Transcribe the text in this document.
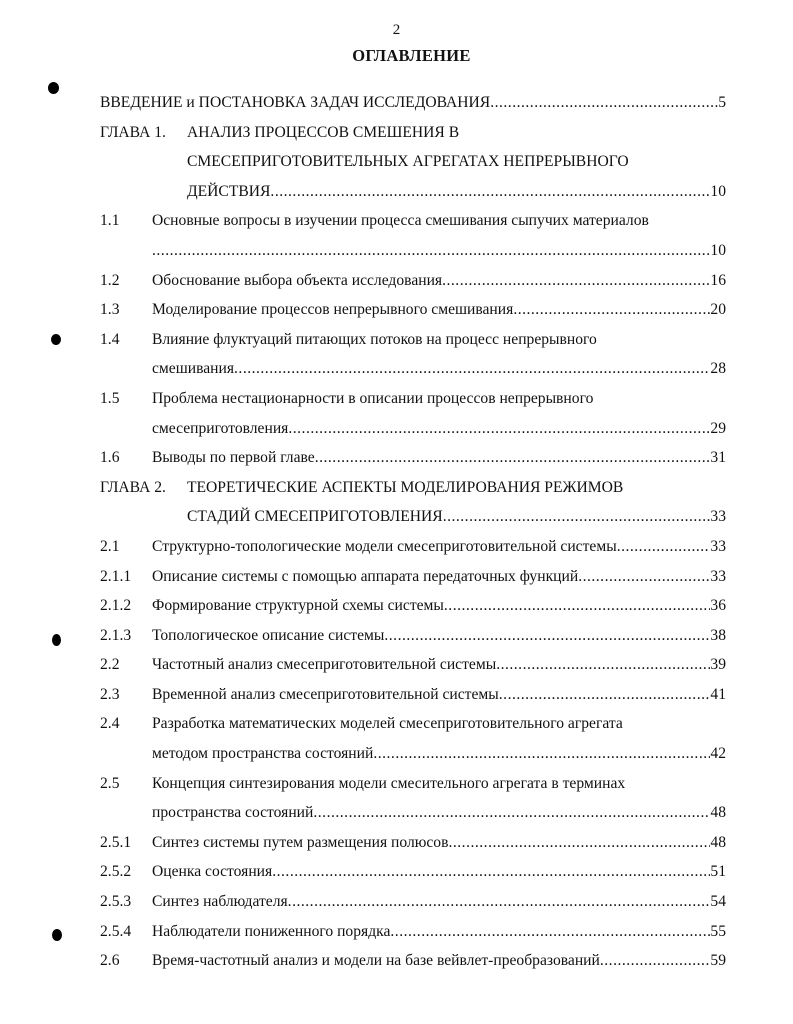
2
ОГЛАВЛЕНИЕ
ВВЕДЕНИЕ и ПОСТАНОВКА ЗАДАЧ ИССЛЕДОВАНИЯ .....	5
ГЛАВА 1.	АНАЛИЗ ПРОЦЕССОВ СМЕШЕНИЯ В
СМЕСЕПРИГОТОВИТЕЛЬНЫХ АГРЕГАТАХ НЕПРЕРЫВНОГО
ДЕЙСТВИЯ .....	10
1.1	Основные вопросы в изучении процесса смешивания сыпучих материалов
.....
10
1.2	Обоснование выбора объекта исследования .....	16
1.3	Моделирование процессов непрерывного смешивания .....	20
1.4	Влияние флуктуаций питающих потоков на процесс непрерывного
смешивания .....	28
1.5	Проблема нестационарности в описании процессов непрерывного
смесеприготовления .....	29
1.6	Выводы по первой главе .....	31
ГЛАВА 2.	ТЕОРЕТИЧЕСКИЕ АСПЕКТЫ МОДЕЛИРОВАНИЯ РЕЖИМОВ
СТАДИЙ СМЕСЕПРИГОТОВЛЕНИЯ .....	33
2.1	Структурно-топологические модели смесеприготовительной системы .....	33
2.1.1	Описание системы с помощью аппарата передаточных функций .....	33
2.1.2	Формирование структурной схемы системы .....	36
2.1.3	Топологическое описание системы .....	38
2.2	Частотный анализ смесеприготовительной системы .....	39
2.3	Временной анализ смесеприготовительной системы .....	41
2.4	Разработка математических моделей смесеприготовительного агрегата
методом пространства состояний .....	42
2.5	Концепция синтезирования модели смесительного агрегата в терминах
пространства состояний .....	48
2.5.1	Синтез системы путем размещения полюсов .....	48
2.5.2	Оценка состояния .....	51
2.5.3	Синтез наблюдателя .....	54
2.5.4	Наблюдатели пониженного порядка .....	55
2.6	Время-частотный анализ и модели на базе вейвлет-преобразований .....	59
